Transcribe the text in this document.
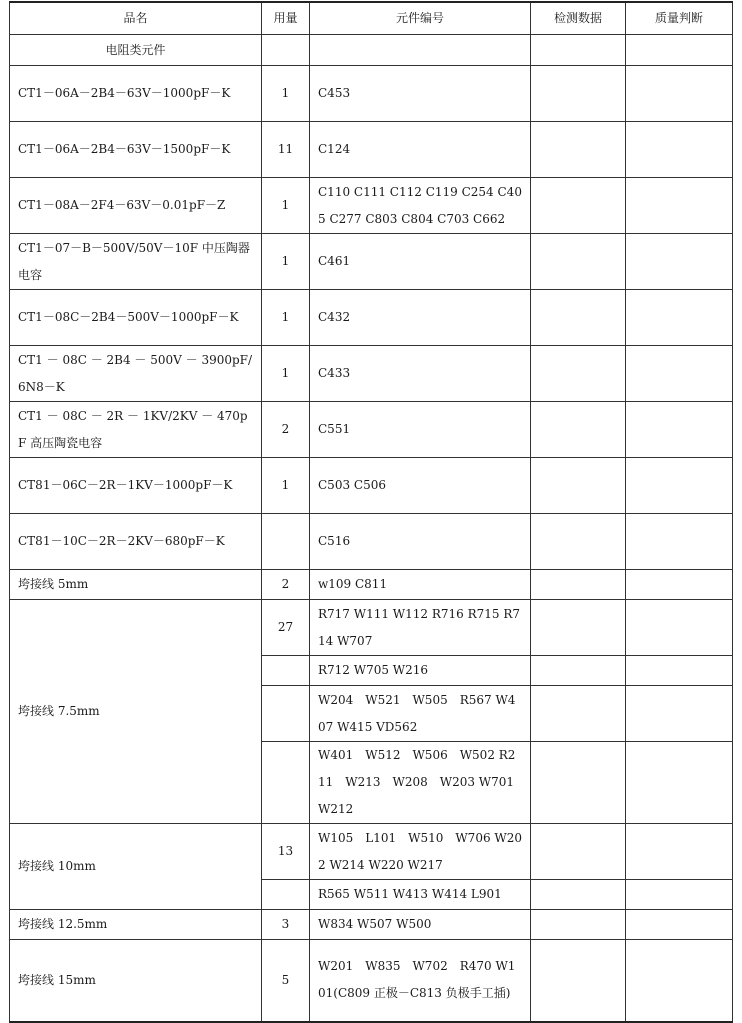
品名	用量	元件编号	检测数据	质量判断
电阻类元件				
CT1－06A－2B4－63V－1000pF－K	1	C453		
CT1－06A－2B4－63V－1500pF－K	11	C124		
CT1－08A－2F4－63V－0.01pF－Z	1	C110 C111 C112 C119 C254 C405 C277 C803 C804 C703 C662		
CT1－07－B－500V/50V－10F 中压陶器电容	1	C461		
CT1－08C－2B4－500V－1000pF－K	1	C432		
CT1 － 08C － 2B4 － 500V － 3900pF/6N8－K	1	C433		
CT1 － 08C － 2R － 1KV/2KV － 470pF 高压陶瓷电容	2	C551		
CT81－06C－2R－1KV－1000pF－K	1	C503 C506		
CT81－10C－2R－2KV－680pF－K		C516		
垮接线 5mm	2	w109 C811		
垮接线 7.5mm	27	R717 W111 W112 R716 R715 R714 W707		
		R712 W705 W216		
		W204　W521　W505　R567 W407 W415 VD562		
		W401　W512　W506　W502 R211　W213　W208　W203 W701 W212		
垮接线 10mm	13	W105　L101　W510　W706 W202 W214 W220 W217		
		R565 W511 W413 W414 L901		
垮接线 12.5mm	3	W834 W507 W500		
垮接线 15mm	5	W201　W835　W702　R470 W101(C809 正极－C813 负极手工插)		
